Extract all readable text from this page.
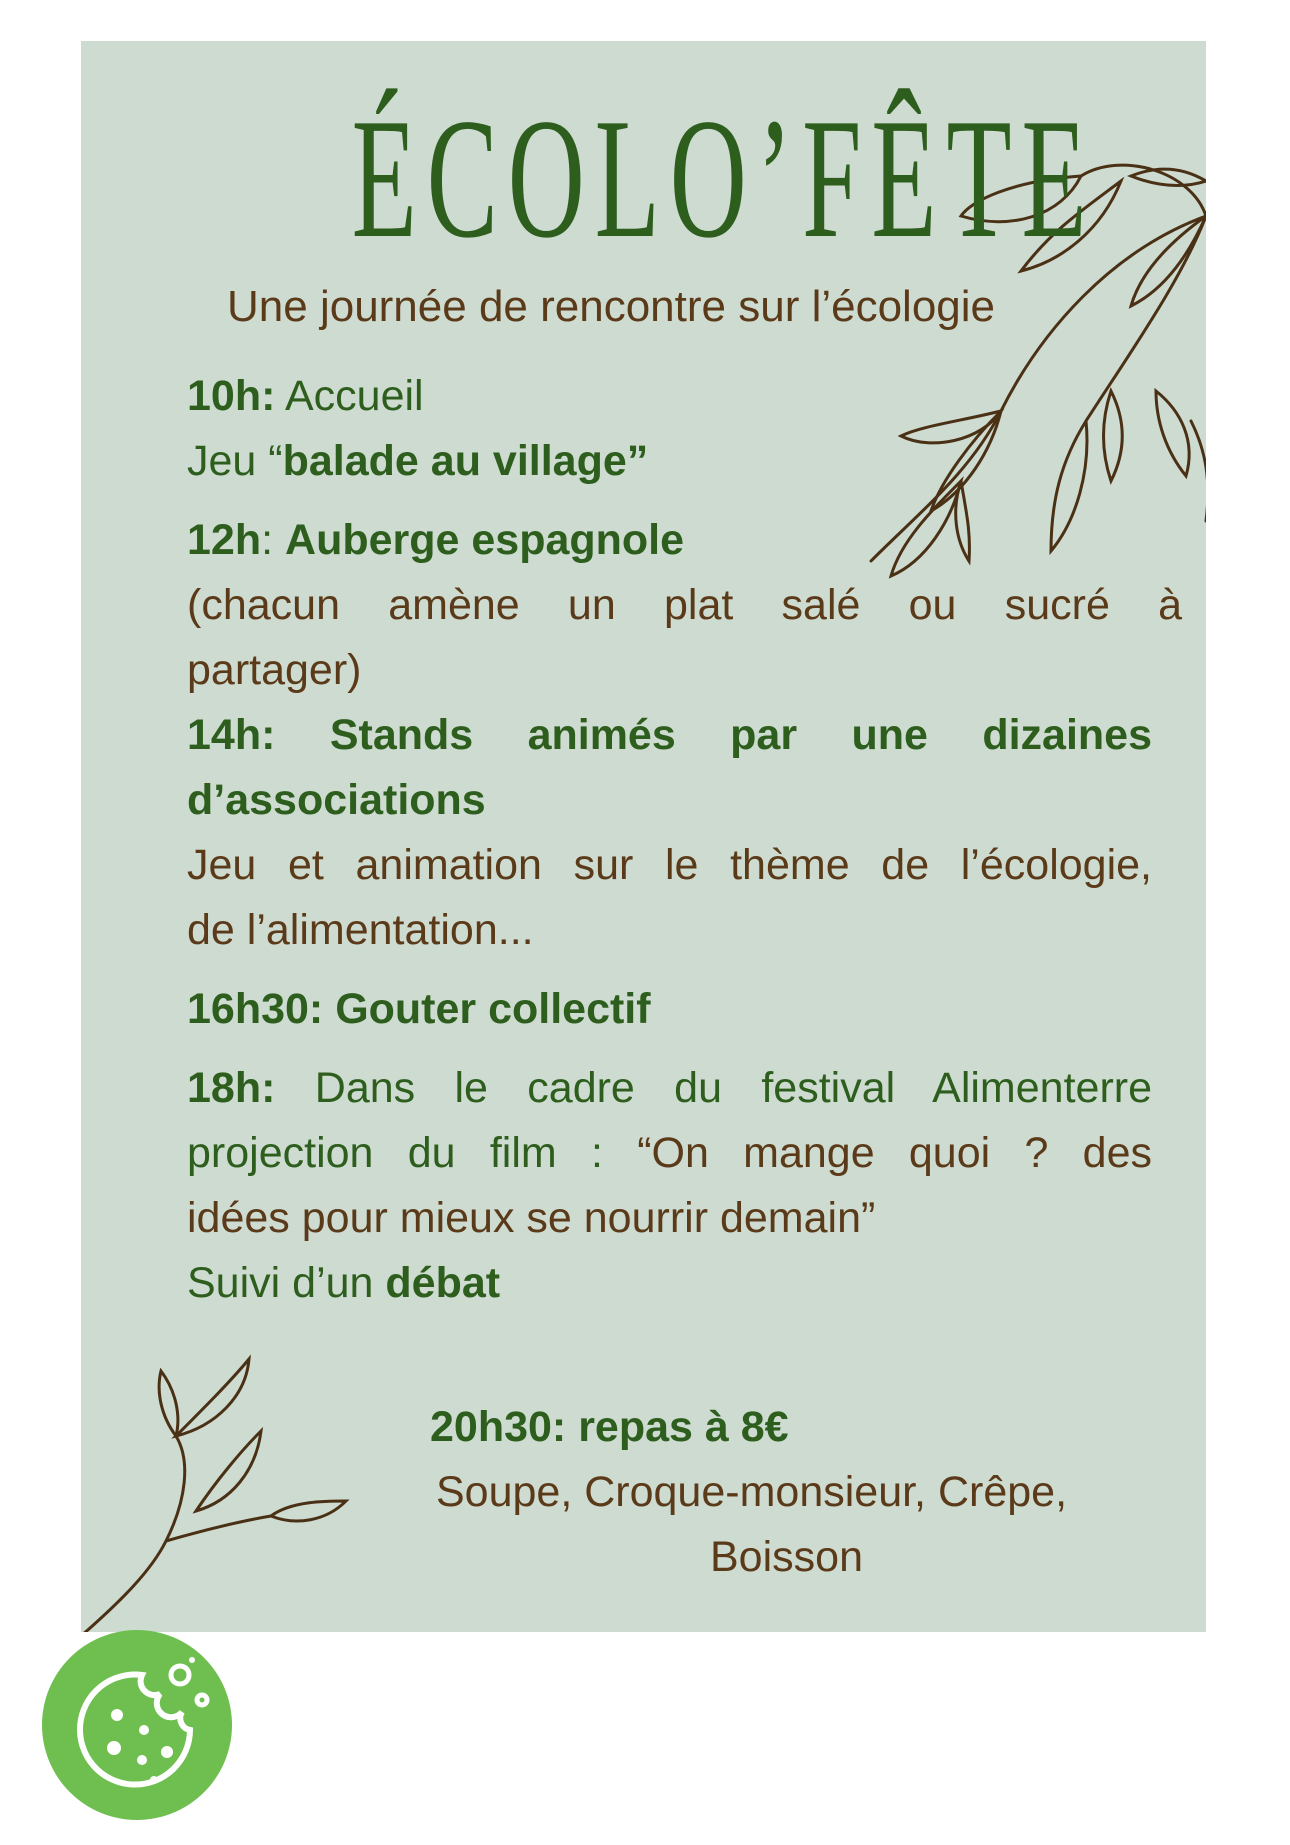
ÉCOLO’FÊTE
Une journée de rencontre sur l’écologie

10h: Accueil

Jeu “balade au village”

12h: Auberge espagnole

(chacun amène un plat salé ou sucré à

partager)

14h: Stands animés par une dizaines

d’associations

Jeu et animation sur le thème de l’écologie,

de l’alimentation...

16h30: Gouter collectif

18h: Dans le cadre du festival Alimenterre

projection du film : “On mange quoi ? des

idées pour mieux se nourrir demain”

Suivi d’un débat

20h30: repas à 8€

Soupe, Croque-monsieur, Crêpe,

Boisson
